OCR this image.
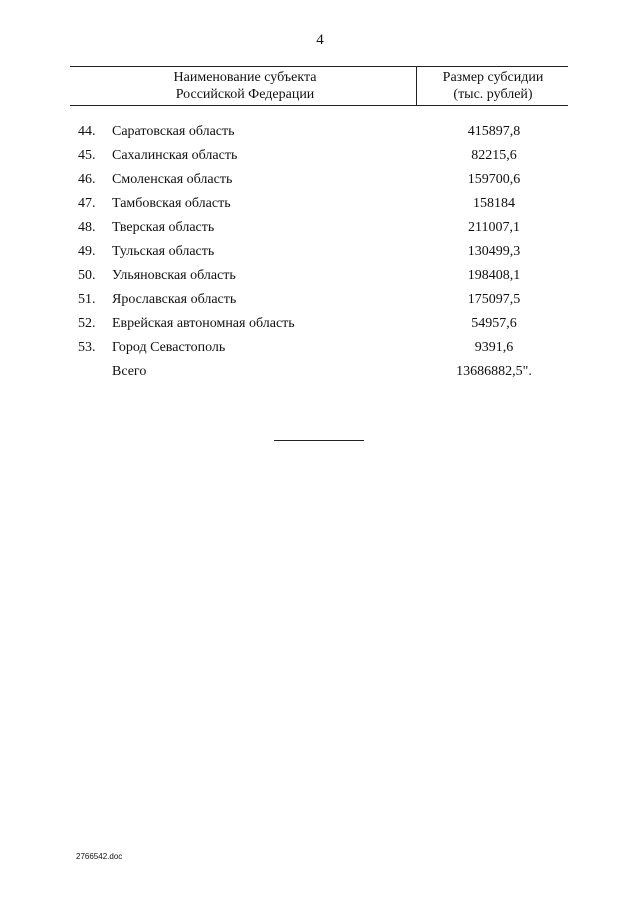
4
Наименование субъекта
Российской Федерации
Размер субсидии
(тыс. рублей)
44.	Саратовская область	415897,8
45.	Сахалинская область	82215,6
46.	Смоленская область	159700,6
47.	Тамбовская область	158184
48.	Тверская область	211007,1
49.	Тульская область	130499,3
50.	Ульяновская область	198408,1
51.	Ярославская область	175097,5
52.	Еврейская автономная область	54957,6
53.	Город Севастополь	9391,6
Всего	13686882,5".
2766542.doc
